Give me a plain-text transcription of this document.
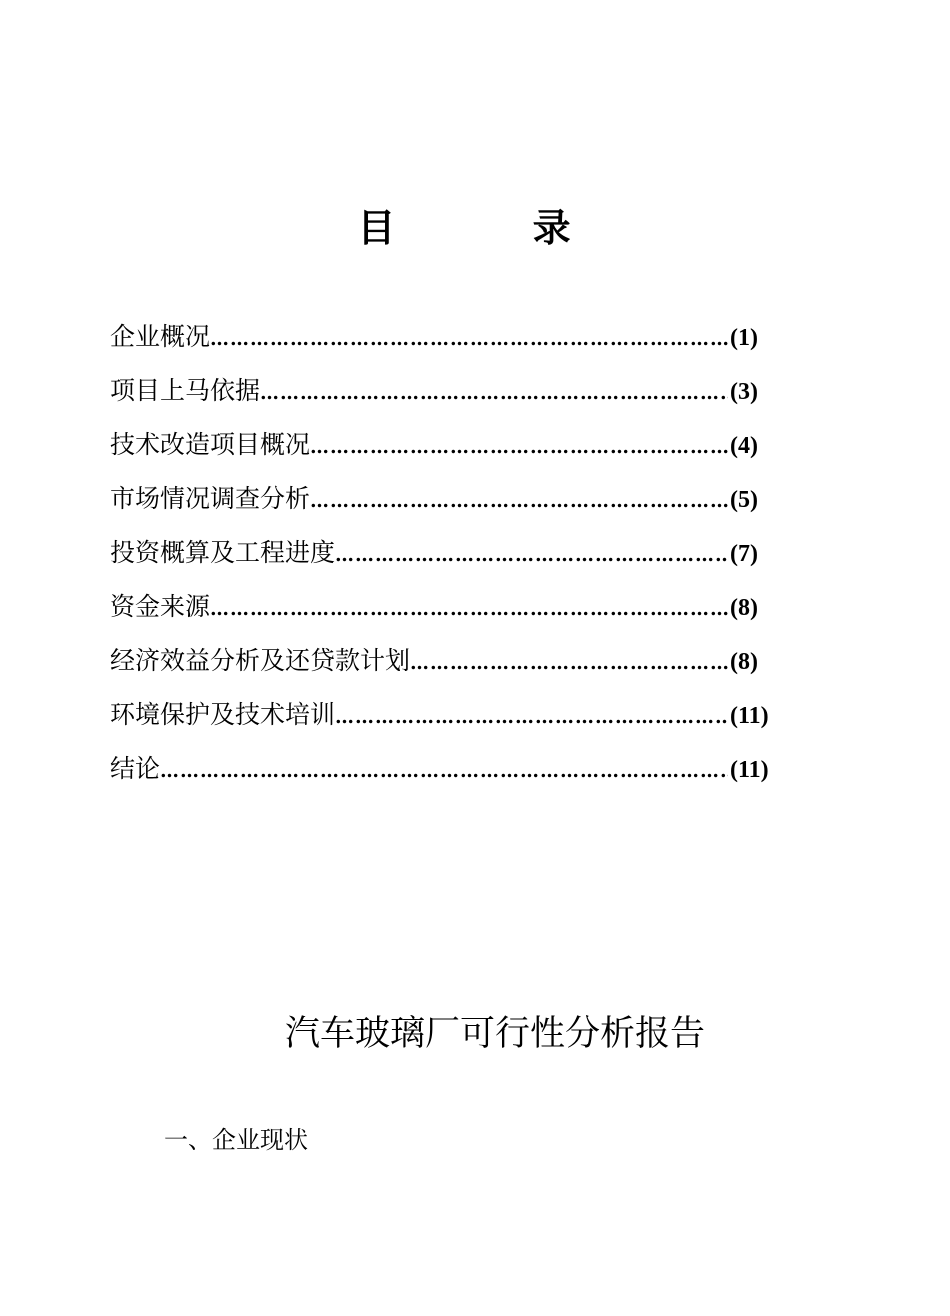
目 录
企业概况 …………………………………………………………………………………………………………………………………………………………………………	(1)
项目上马依据 …………………………………………………………………………………………………………………………………………………………………………	(3)
技术改造项目概况 …………………………………………………………………………………………………………………………………………………………………………	(4)
市场情况调查分析 …………………………………………………………………………………………………………………………………………………………………………	(5)
投资概算及工程进度 …………………………………………………………………………………………………………………………………………………………………………	(7)
资金来源 …………………………………………………………………………………………………………………………………………………………………………	(8)
经济效益分析及还贷款计划 …………………………………………………………………………………………………………………………………………………………………………	(8)
环境保护及技术培训 …………………………………………………………………………………………………………………………………………………………………………	(11)
结论 …………………………………………………………………………………………………………………………………………………………………………	(11)
汽车玻璃厂可行性分析报告
一、企业现状
